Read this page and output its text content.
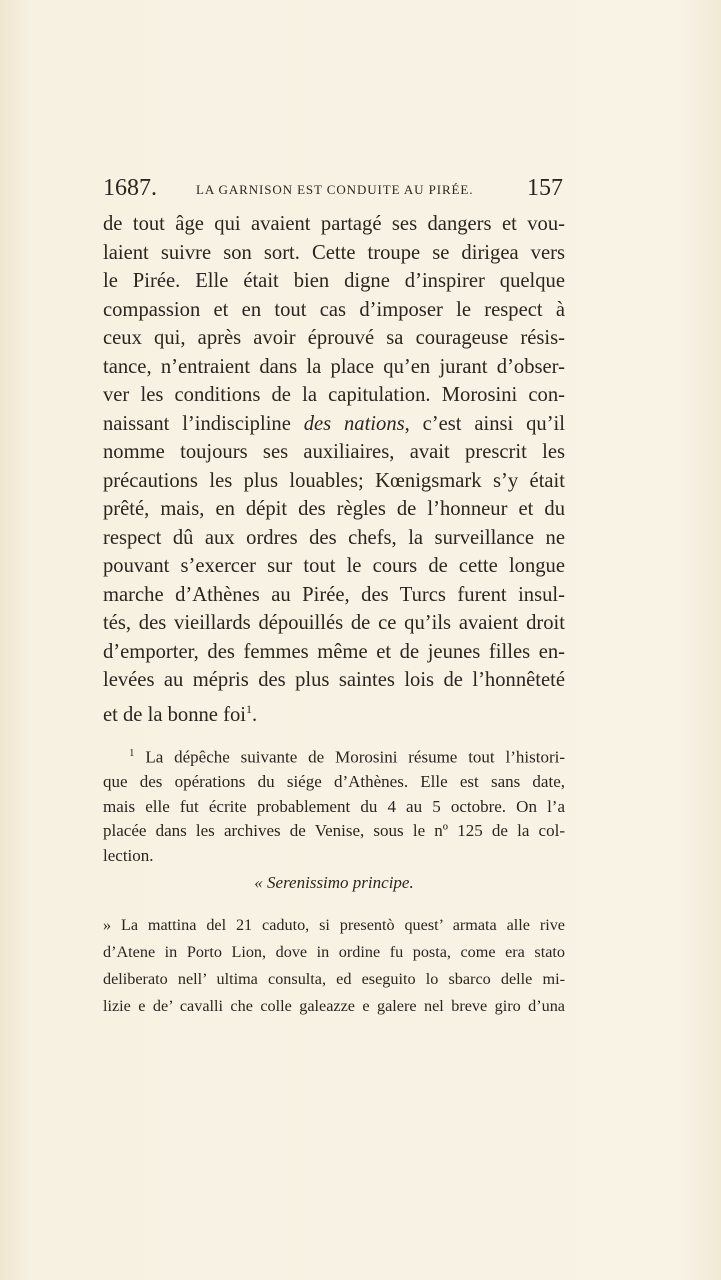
1687.	LA GARNISON EST CONDUITE AU PIRÉE. 157
de tout âge qui avaient partagé ses dangers et vou-
laient suivre son sort. Cette troupe se dirigea vers
le Pirée. Elle était bien digne d’inspirer quelque
compassion et en tout cas d’imposer le respect à
ceux qui, après avoir éprouvé sa courageuse résis-
tance, n’entraient dans la place qu’en jurant d’obser-
ver les conditions de la capitulation. Morosini con-
naissant l’indiscipline des nations, c’est ainsi qu’il
nomme toujours ses auxiliaires, avait prescrit les
précautions les plus louables; Kœnigsmark s’y était
prêté, mais, en dépit des règles de l’honneur et du
respect dû aux ordres des chefs, la surveillance ne
pouvant s’exercer sur tout le cours de cette longue
marche d’Athènes au Pirée, des Turcs furent insul-
tés, des vieillards dépouillés de ce qu’ils avaient droit
d’emporter, des femmes même et de jeunes filles en-
levées au mépris des plus saintes lois de l’honnêteté
et de la bonne foi$^1$.
$^1$ La dépêche suivante de Morosini résume tout l’histori-
que des opérations du siége d’Athènes. Elle est sans date,
mais elle fut écrite probablement du 4 au 5 octobre. On l’a
placée dans les archives de Venise, sous le nº 125 de la col-
lection.
« Serenissimo principe.
» La mattina del 21 caduto, si presentò quest’ armata alle rive
d’Atene in Porto Lion, dove in ordine fu posta, come era stato
deliberato nell’ ultima consulta, ed eseguito lo sbarco delle mi-
lizie e de’ cavalli che colle galeazze e galere nel breve giro d’una
